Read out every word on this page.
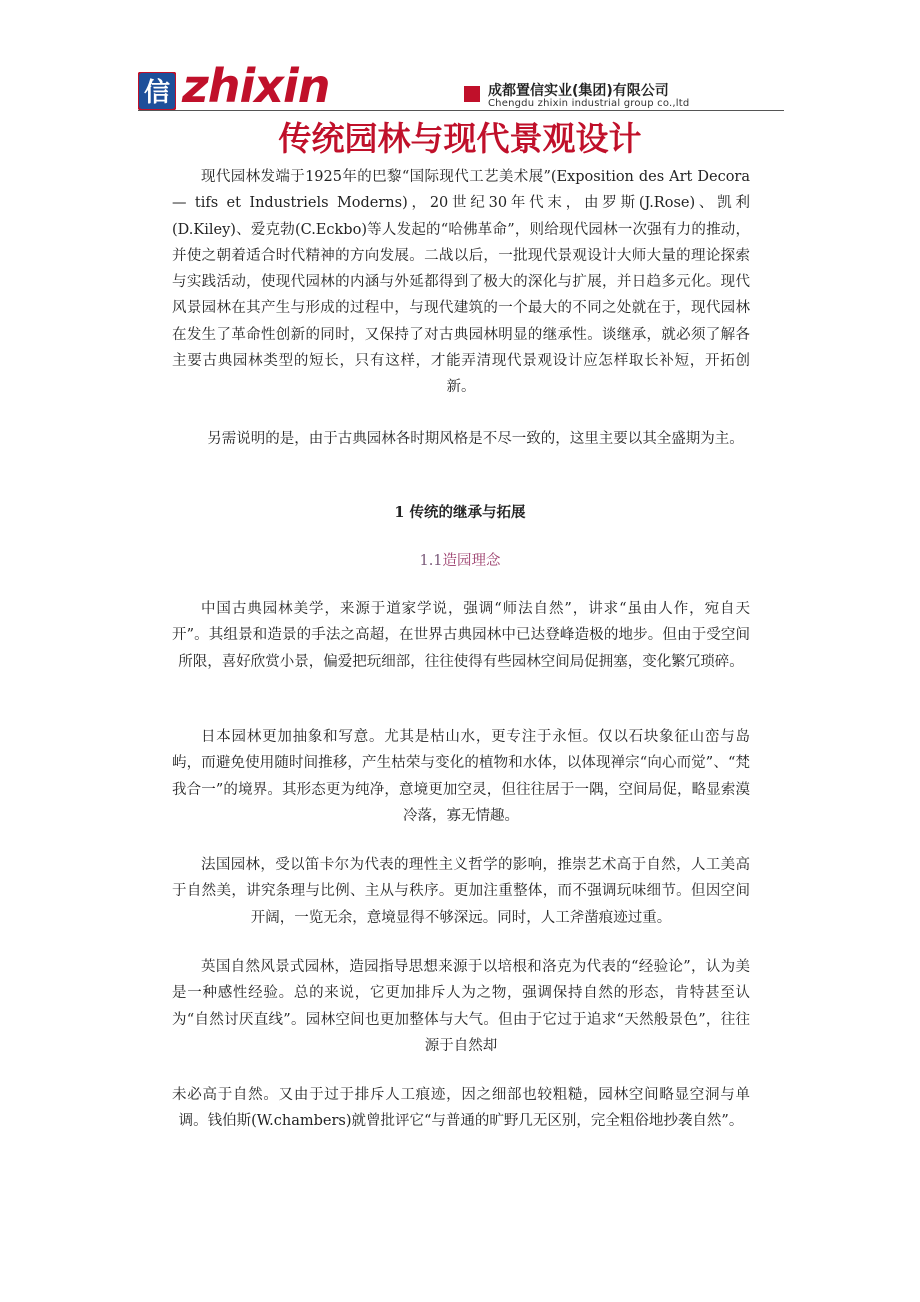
信 zhixin	成都置信实业(集团)有限公司
Chengdu zhixin industrial group co.,ltd
传统园林与现代景观设计

现代园林发端于1925年的巴黎“国际现代工艺美术展”(Exposition des Art Decora — tifs et Industriels Moderns)，20世纪30年代末，由罗斯(J.Rose)、凯利(D.Kiley)、爱克勃(C.Eckbo)等人发起的“哈佛革命”，则给现代园林一次强有力的推动，并使之朝着适合时代精神的方向发展。二战以后，一批现代景观设计大师大量的理论探索与实践活动，使现代园林的内涵与外延都得到了极大的深化与扩展，并日趋多元化。现代风景园林在其产生与形成的过程中，与现代建筑的一个最大的不同之处就在于，现代园林在发生了革命性创新的同时，又保持了对古典园林明显的继承性。谈继承，就必须了解各主要古典园林类型的短长，只有这样，才能弄清现代景观设计应怎样取长补短，开拓创新。

另需说明的是，由于古典园林各时期风格是不尽一致的，这里主要以其全盛期为主。

1 传统的继承与拓展
1.1造园理念

中国古典园林美学，来源于道家学说，强调“师法自然”，讲求“虽由人作，宛自天开”。其组景和造景的手法之高超，在世界古典园林中已达登峰造极的地步。但由于受空间所限，喜好欣赏小景，偏爱把玩细部，往往使得有些园林空间局促拥塞，变化繁冗琐碎。

日本园林更加抽象和写意。尤其是枯山水，更专注于永恒。仅以石块象征山峦与岛屿，而避免使用随时间推移，产生枯荣与变化的植物和水体，以体现禅宗“向心而觉”、“梵我合一”的境界。其形态更为纯净，意境更加空灵，但往往居于一隅，空间局促，略显索漠冷落，寡无情趣。

法国园林，受以笛卡尔为代表的理性主义哲学的影响，推崇艺术高于自然，人工美高于自然美，讲究条理与比例、主从与秩序。更加注重整体，而不强调玩味细节。但因空间开阔，一览无余，意境显得不够深远。同时，人工斧凿痕迹过重。

英国自然风景式园林，造园指导思想来源于以培根和洛克为代表的“经验论”，认为美是一种感性经验。总的来说，它更加排斥人为之物，强调保持自然的形态，肯特甚至认为“自然讨厌直线”。园林空间也更加整体与大气。但由于它过于追求“天然般景色”，往往源于自然却

未必高于自然。又由于过于排斥人工痕迹，因之细部也较粗糙，园林空间略显空洞与单调。钱伯斯(W.chambers)就曾批评它“与普通的旷野几无区别，完全粗俗地抄袭自然”。
